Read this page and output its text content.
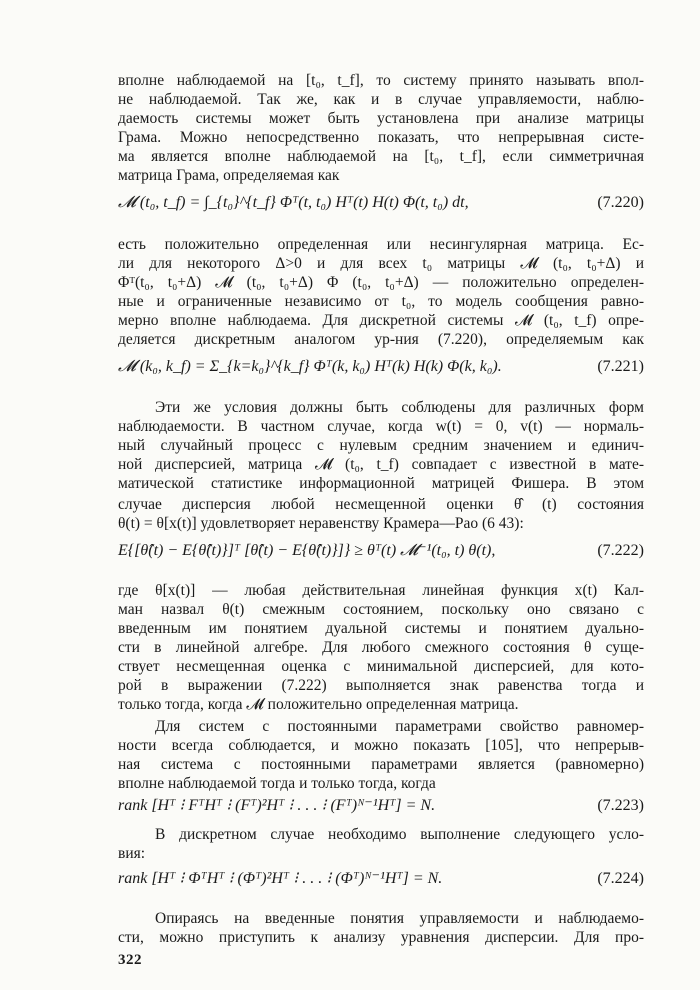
вполне наблюдаемой на [t₀, t_f], то систему принято называть впол-
не наблюдаемой. Так же, как и в случае управляемости, наблю-
даемость системы может быть установлена при анализе матрицы
Грама. Можно непосредственно показать, что непрерывная систе-
ма является вполне наблюдаемой на [t₀, t_f], если симметричная
матрица Грама, определяемая как
𝓜 (t₀, t_f) = ∫_{t₀}^{t_f} Φᵀ(t, t₀) Hᵀ(t) H(t) Φ(t, t₀) dt,	(7.220)
есть положительно определенная или несингулярная матрица. Ес-
ли для некоторого Δ>0 и для всех t₀ матрицы 𝓜 (t₀, t₀+Δ) и
Φᵀ(t₀, t₀+Δ) 𝓜 (t₀, t₀+Δ) Φ (t₀, t₀+Δ) — положительно определен-
ные и ограниченные независимо от t₀, то модель сообщения равно-
мерно вполне наблюдаема. Для дискретной системы 𝓜 (t₀, t_f) опре-
деляется дискретным аналогом ур-ния (7.220), определяемым как
𝓜 (k₀, k_f) = Σ_{k=k₀}^{k_f} Φᵀ(k, k₀) Hᵀ(k) H(k) Φ(k, k₀).	(7.221)
Эти же условия должны быть соблюдены для различных форм
наблюдаемости. В частном случае, когда w(t) = 0, v(t) — нормаль-
ный случайный процесс с нулевым средним значением и единич-
ной дисперсией, матрица 𝓜 (t₀, t_f) совпадает с известной в мате-
матической статистике информационной матрицей Фишера. В этом
случае дисперсия любой несмещенной оценки θ̂ (t) состояния
θ(t) = θ[x(t)] удовлетворяет неравенству Крамера—Рао (6 43):
E{[θ̂(t) − E{θ̂(t)}]ᵀ [θ̂(t) − E{θ̂(t)}]} ≥ θᵀ(t) 𝓜⁻¹(t₀, t) θ(t),	(7.222)
где θ[x(t)] — любая действительная линейная функция x(t) Кал-
ман назвал θ(t) смежным состоянием, поскольку оно связано с
введенным им понятием дуальной системы и понятием дуально-
сти в линейной алгебре. Для любого смежного состояния θ суще-
ствует несмещенная оценка с минимальной дисперсией, для кото-
рой в выражении (7.222) выполняется знак равенства тогда и
только тогда, когда 𝓜 положительно определенная матрица.
Для систем с постоянными параметрами свойство равномер-
ности всегда соблюдается, и можно показать [105], что непрерыв-
ная система с постоянными параметрами является (равномерно)
вполне наблюдаемой тогда и только тогда, когда
rank [Hᵀ ⁝ FᵀHᵀ ⁝ (Fᵀ)²Hᵀ ⁝ . . . ⁝ (Fᵀ)ᴺ⁻¹Hᵀ] = N.	(7.223)
В дискретном случае необходимо выполнение следующего усло-
вия:
rank [Hᵀ ⁝ ΦᵀHᵀ ⁝ (Φᵀ)²Hᵀ ⁝ . . . ⁝ (Φᵀ)ᴺ⁻¹Hᵀ] = N.	(7.224)
Опираясь на введенные понятия управляемости и наблюдаемо-
сти, можно приступить к анализу уравнения дисперсии. Для про-
322
